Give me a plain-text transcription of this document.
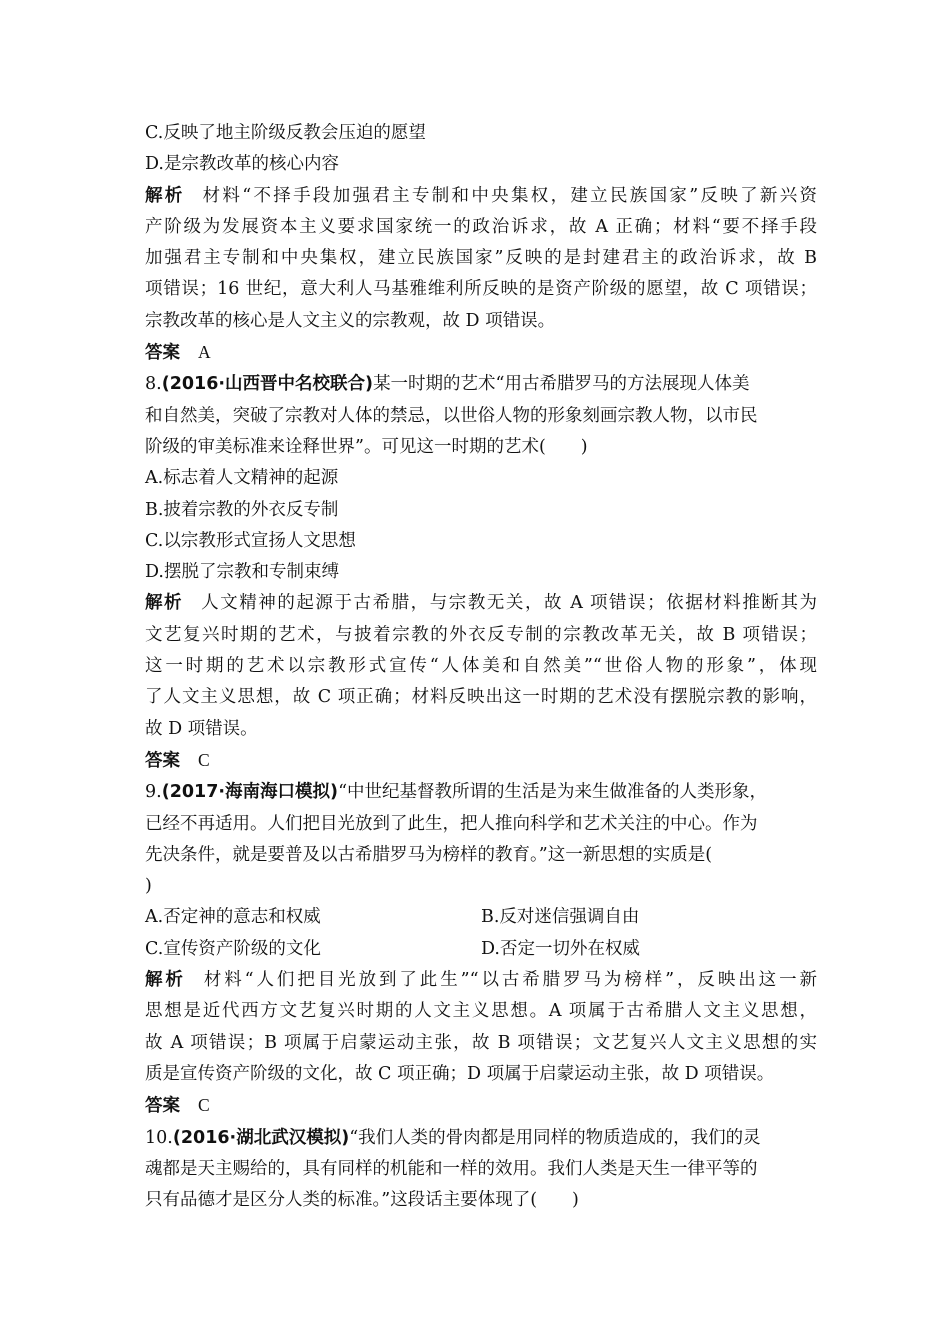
C.反映了地主阶级反教会压迫的愿望
D.是宗教改革的核心内容
解析 材料“不择手段加强君主专制和中央集权，建立民族国家”反映了新兴资
产阶级为发展资本主义要求国家统一的政治诉求，故 A 正确；材料“要不择手段
加强君主专制和中央集权，建立民族国家”反映的是封建君主的政治诉求，故 B
项错误；16 世纪，意大利人马基雅维利所反映的是资产阶级的愿望，故 C 项错误；
宗教改革的核心是人文主义的宗教观，故 D 项错误。
答案 A
8.(2016·山西晋中名校联合)某一时期的艺术“用古希腊罗马的方法展现人体美
和自然美，突破了宗教对人体的禁忌，以世俗人物的形象刻画宗教人物，以市民
阶级的审美标准来诠释世界”。可见这一时期的艺术(　　)
A.标志着人文精神的起源
B.披着宗教的外衣反专制
C.以宗教形式宣扬人文思想
D.摆脱了宗教和专制束缚
解析 人文精神的起源于古希腊，与宗教无关，故 A 项错误；依据材料推断其为
文艺复兴时期的艺术，与披着宗教的外衣反专制的宗教改革无关，故 B 项错误；
这一时期的艺术以宗教形式宣传“人体美和自然美”“世俗人物的形象”，体现
了人文主义思想，故 C 项正确；材料反映出这一时期的艺术没有摆脱宗教的影响，
故 D 项错误。
答案 C
9.(2017·海南海口模拟)“中世纪基督教所谓的生活是为来生做准备的人类形象，
已经不再适用。人们把目光放到了此生，把人推向科学和艺术关注的中心。作为
先决条件，就是要普及以古希腊罗马为榜样的教育。”这一新思想的实质是(
)
A.否定神的意志和权威	B.反对迷信强调自由
C.宣传资产阶级的文化	D.否定一切外在权威
解析 材料“人们把目光放到了此生”“以古希腊罗马为榜样”，反映出这一新
思想是近代西方文艺复兴时期的人文主义思想。A 项属于古希腊人文主义思想，
故 A 项错误；B 项属于启蒙运动主张，故 B 项错误；文艺复兴人文主义思想的实
质是宣传资产阶级的文化，故 C 项正确；D 项属于启蒙运动主张，故 D 项错误。
答案 C
10.(2016·湖北武汉模拟)“我们人类的骨肉都是用同样的物质造成的，我们的灵
魂都是天主赐给的，具有同样的机能和一样的效用。我们人类是天生一律平等的
只有品德才是区分人类的标准。”这段话主要体现了(　　)
